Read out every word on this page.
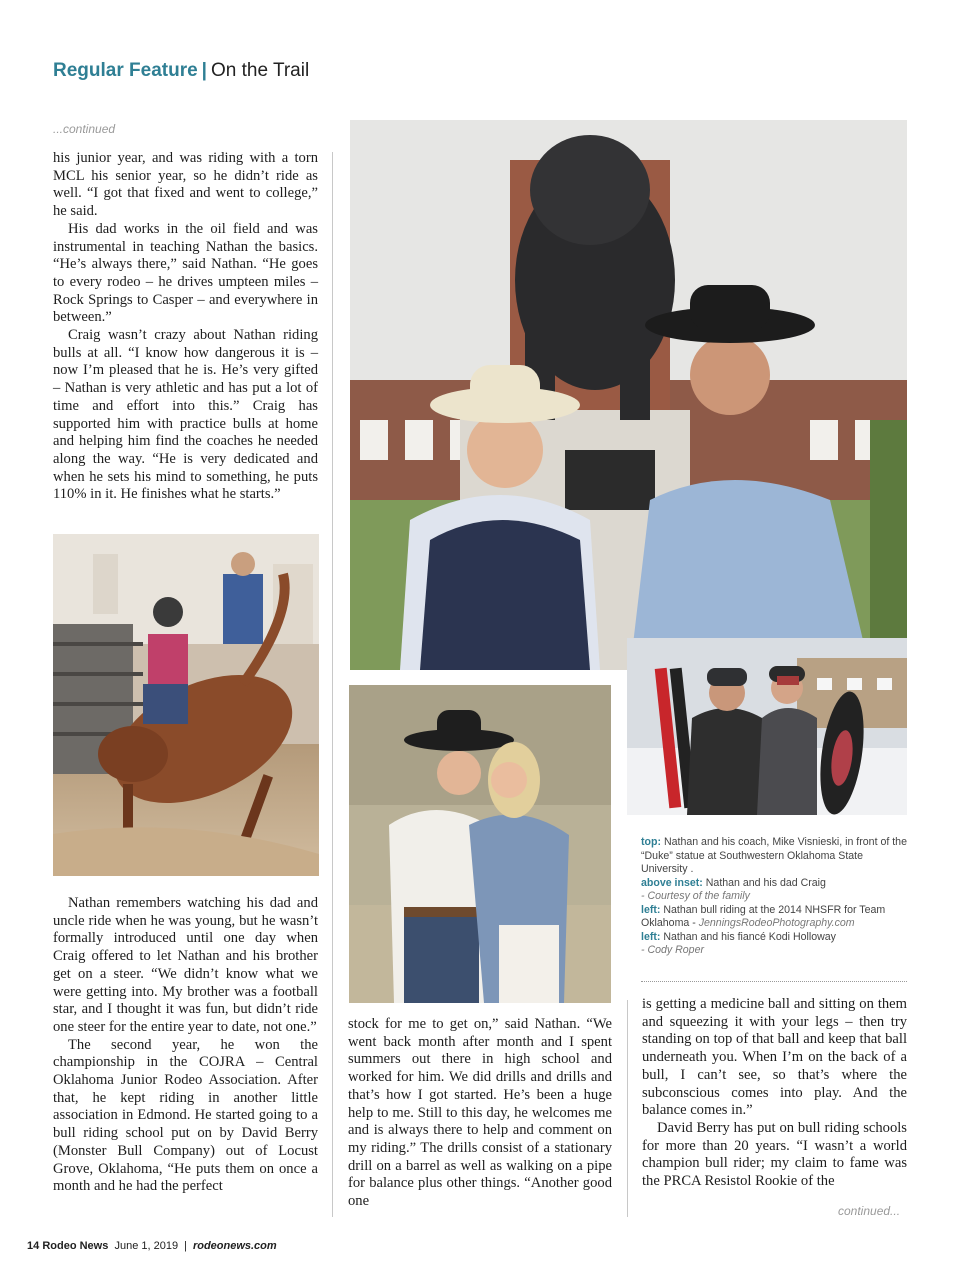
Regular Feature | On the Trail
...continued

his junior year, and was riding with a torn MCL his senior year, so he didn’t ride as well. “I got that fixed and went to college,” he said.

His dad works in the oil field and was instrumental in teaching Nathan the basics. “He’s always there,” said Nathan. “He goes to every rodeo – he drives umpteen miles – Rock Springs to Casper – and everywhere in between.”

Craig wasn’t crazy about Nathan riding bulls at all. “I know how dangerous it is – now I’m pleased that he is. He’s very gifted – Nathan is very athletic and has put a lot of time and effort into this.” Craig has supported him with practice bulls at home and helping him find the coaches he needed along the way. “He is very dedicated and when he sets his mind to something, he puts 110% in it. He finishes what he starts.”

Nathan remembers watching his dad and uncle ride when he was young, but he wasn’t formally introduced until one day when Craig offered to let Nathan and his brother get on a steer. “We didn’t know what we were getting into. My brother was a football star, and I thought it was fun, but didn’t ride one steer for the entire year to date, not one.”

The second year, he won the championship in the COJRA – Central Oklahoma Junior Rodeo Association. After that, he kept riding in another little association in Edmond. He started going to a bull riding school put on by David Berry (Monster Bull Company) out of Locust Grove, Oklahoma, “He puts them on once a month and he had the perfect

top: Nathan and his coach, Mike Visnieski, in front of the “Duke” statue at Southwestern Oklahoma State University .

above inset: Nathan and his dad Craig

- Courtesy of the family

left: Nathan bull riding at the 2014 NHSFR for Team Oklahoma - JenningsRodeoPhotography.com

left: Nathan and his fiancé Kodi Holloway

- Cody Roper

stock for me to get on,” said Nathan. “We went back month after month and I spent summers out there in high school and worked for him. We did drills and drills and that’s how I got started. He’s been a huge help to me. Still to this day, he welcomes me and is always there to help and comment on my riding.” The drills consist of a stationary drill on a barrel as well as walking on a pipe for balance plus other things. “Another good one

is getting a medicine ball and sitting on them and squeezing it with your legs – then try standing on top of that ball and keep that ball underneath you. When I’m on the back of a bull, I can’t see, so that’s where the subconscious comes into play. And the balance comes in.”

David Berry has put on bull riding schools for more than 20 years. “I wasn’t a world champion bull rider; my claim to fame was the PRCA Resistol Rookie of the

continued...
14 Rodeo News June 1, 2019 | rodeonews.com
